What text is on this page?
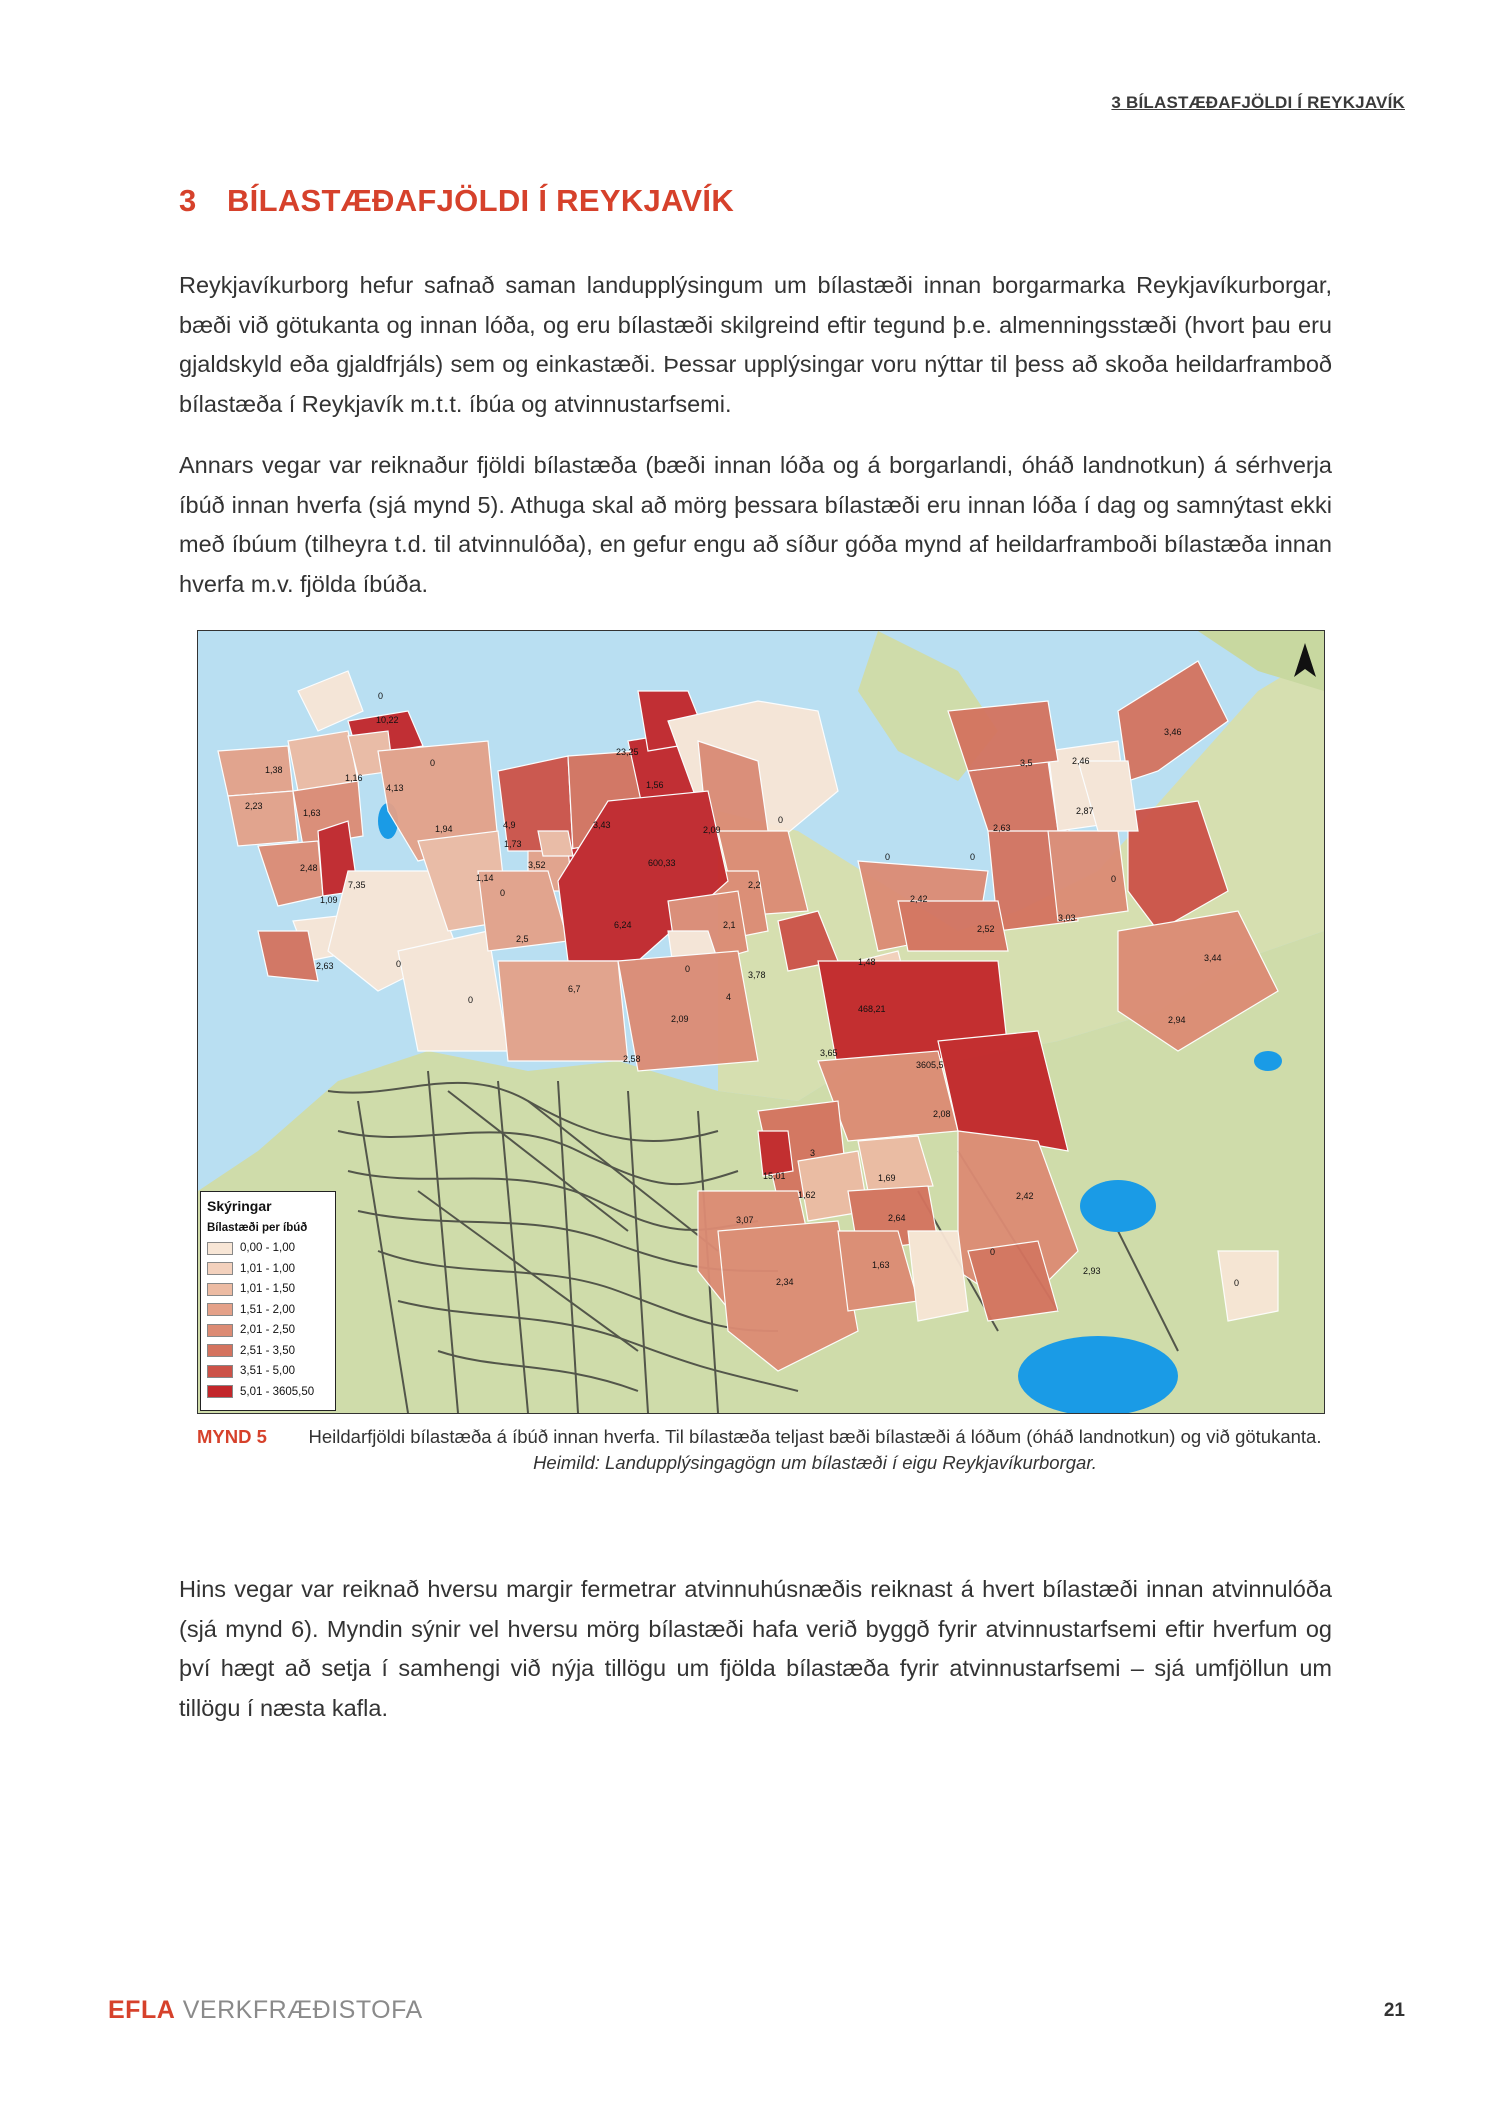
3 BÍLASTÆÐAFJÖLDI Í REYKJAVÍK
3 BÍLASTÆÐAFJÖLDI Í REYKJAVÍK

Reykjavíkurborg hefur safnað saman landupplýsingum um bílastæði innan borgarmarka Reykjavíkurborgar, bæði við götukanta og innan lóða, og eru bílastæði skilgreind eftir tegund þ.e. almenningsstæði (hvort þau eru gjaldskyld eða gjaldfrjáls) sem og einkastæði. Þessar upplýsingar voru nýttar til þess að skoða heildarframboð bílastæða í Reykjavík m.t.t. íbúa og atvinnustarfsemi.

Annars vegar var reiknaður fjöldi bílastæða (bæði innan lóða og á borgarlandi, óháð landnotkun) á sérhverja íbúð innan hverfa (sjá mynd 5). Athuga skal að mörg þessara bílastæði eru innan lóða í dag og samnýtast ekki með íbúum (tilheyra t.d. til atvinnulóða), en gefur engu að síður góða mynd af heildarframboði bílastæða innan hverfa m.v. fjölda íbúða.

0
10,22
1,38
1,16
4,13
0
2,23
1,63
1,94	4,9	3,43	2,09
0
2,48
1,73
1,14
3,52	600,33
0
7,35
1,09
0
2,5
6,24	2,1
2,2
2,63	0
0
6,7
0
3,78
4
2,09
2,58
1,48
468,21
3,65
3605,5
2,08
3
1,62
1,69
2,64
3,07
15,01
2,34
1,63
0
2,42
2,93
0
3,5	2,46
3,46
2,87
2,63
0
0
2,42
2,52
3,03
3,44
2,94
23,25
1,56
Skýringar
Bílastæði per íbúð
0,00 - 1,00
1,01 - 1,00
1,01 - 1,50
1,51 - 2,00
2,01 - 2,50
2,51 - 3,50
3,51 - 5,00
5,01 - 3605,50
MYND 5 Heildarfjöldi bílastæða á íbúð innan hverfa. Til bílastæða teljast bæði bílastæði á lóðum (óháð landnotkun) og við götukanta.
Heimild: Landupplýsingagögn um bílastæði í eigu Reykjavíkurborgar.

Hins vegar var reiknað hversu margir fermetrar atvinnuhúsnæðis reiknast á hvert bílastæði innan atvinnulóða (sjá mynd 6). Myndin sýnir vel hversu mörg bílastæði hafa verið byggð fyrir atvinnustarfsemi eftir hverfum og því hægt að setja í samhengi við nýja tillögu um fjölda bílastæða fyrir atvinnustarfsemi – sjá umfjöllun um tillögu í næsta kafla.

EFLA VERKFRÆÐISTOFA	21
